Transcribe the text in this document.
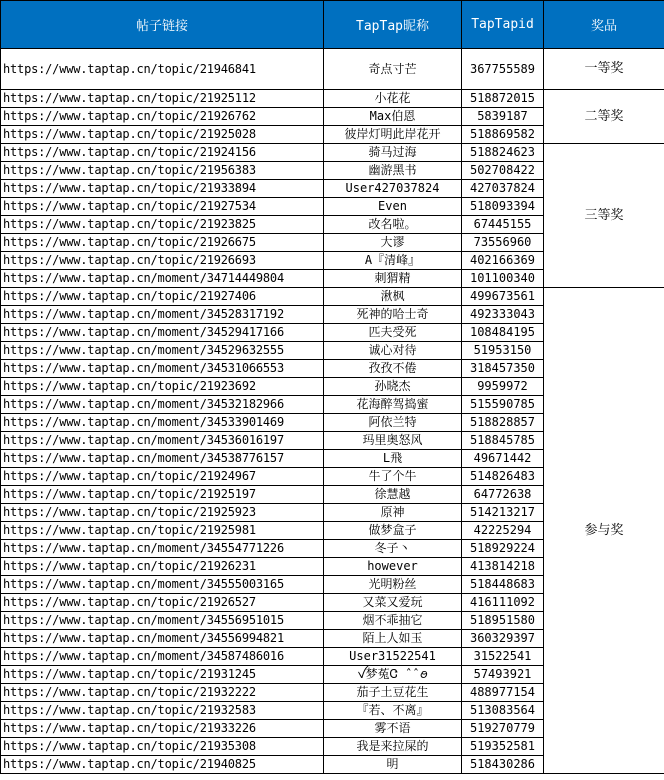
帖子链接	TapTap昵称	TapTapid	奖品
https://www.taptap.cn/topic/21946841	奇点寸芒	367755589	一等奖
https://www.taptap.cn/topic/21925112	小花花	518872015	二等奖
https://www.taptap.cn/topic/21926762	Max伯恩	5839187	
https://www.taptap.cn/topic/21925028	彼岸灯明此岸花开	518869582	
https://www.taptap.cn/topic/21924156	骑马过海	518824623	三等奖
https://www.taptap.cn/topic/21956383	幽游黑书	502708422	
https://www.taptap.cn/topic/21933894	User427037824	427037824	
https://www.taptap.cn/topic/21927534	Even	518093394	
https://www.taptap.cn/topic/21923825	改名啦。	67445155	
https://www.taptap.cn/topic/21926675	大谬	73556960	
https://www.taptap.cn/topic/21926693	A『清峰』	402166369	
https://www.taptap.cn/moment/34714449804	刺猬精	101100340	
https://www.taptap.cn/topic/21927406	湫枫	499673561	参与奖
https://www.taptap.cn/moment/34528317192	死神的哈士奇	492333043	
https://www.taptap.cn/moment/34529417166	匹夫受死	108484195	
https://www.taptap.cn/moment/34529632555	诚心对待	51953150	
https://www.taptap.cn/moment/34531066553	孜孜不倦	318457350	
https://www.taptap.cn/topic/21923692	孙晓杰	9959972	
https://www.taptap.cn/moment/34532182966	花海醉驾捣蜜	515590785	
https://www.taptap.cn/moment/34533901469	阿依兰特	518828857	
https://www.taptap.cn/moment/34536016197	玛里奥怒风	518845785	
https://www.taptap.cn/moment/34538776157	L飛	49671442	
https://www.taptap.cn/topic/21924967	牛了个牛	514826483	
https://www.taptap.cn/topic/21925197	徐慧越	64772638	
https://www.taptap.cn/topic/21925923	原神	514213217	
https://www.taptap.cn/topic/21925981	做梦盒子	42225294	
https://www.taptap.cn/moment/34554771226	冬子丶	518929224	
https://www.taptap.cn/topic/21926231	however	413814218	
https://www.taptap.cn/moment/34555003165	光明粉丝	518448683	
https://www.taptap.cn/topic/21926527	又菜又爱玩	416111092	
https://www.taptap.cn/moment/34556951015	烟不乖抽它	518951580	
https://www.taptap.cn/moment/34556994821	陌上人如玉	360329397	
https://www.taptap.cn/moment/34587486016	User31522541	31522541	
https://www.taptap.cn/topic/21931245	ꪜ梦菟Ꮳ ̂ ̂ ꪮ	57493921	
https://www.taptap.cn/topic/21932222	茄子土豆花生	488977154	
https://www.taptap.cn/topic/21932583	『若、不离』	513083564	
https://www.taptap.cn/topic/21933226	雾不语	519270779	
https://www.taptap.cn/topic/21935308	我是来拉屎的	519352581	
https://www.taptap.cn/topic/21940825	明	518430286	
